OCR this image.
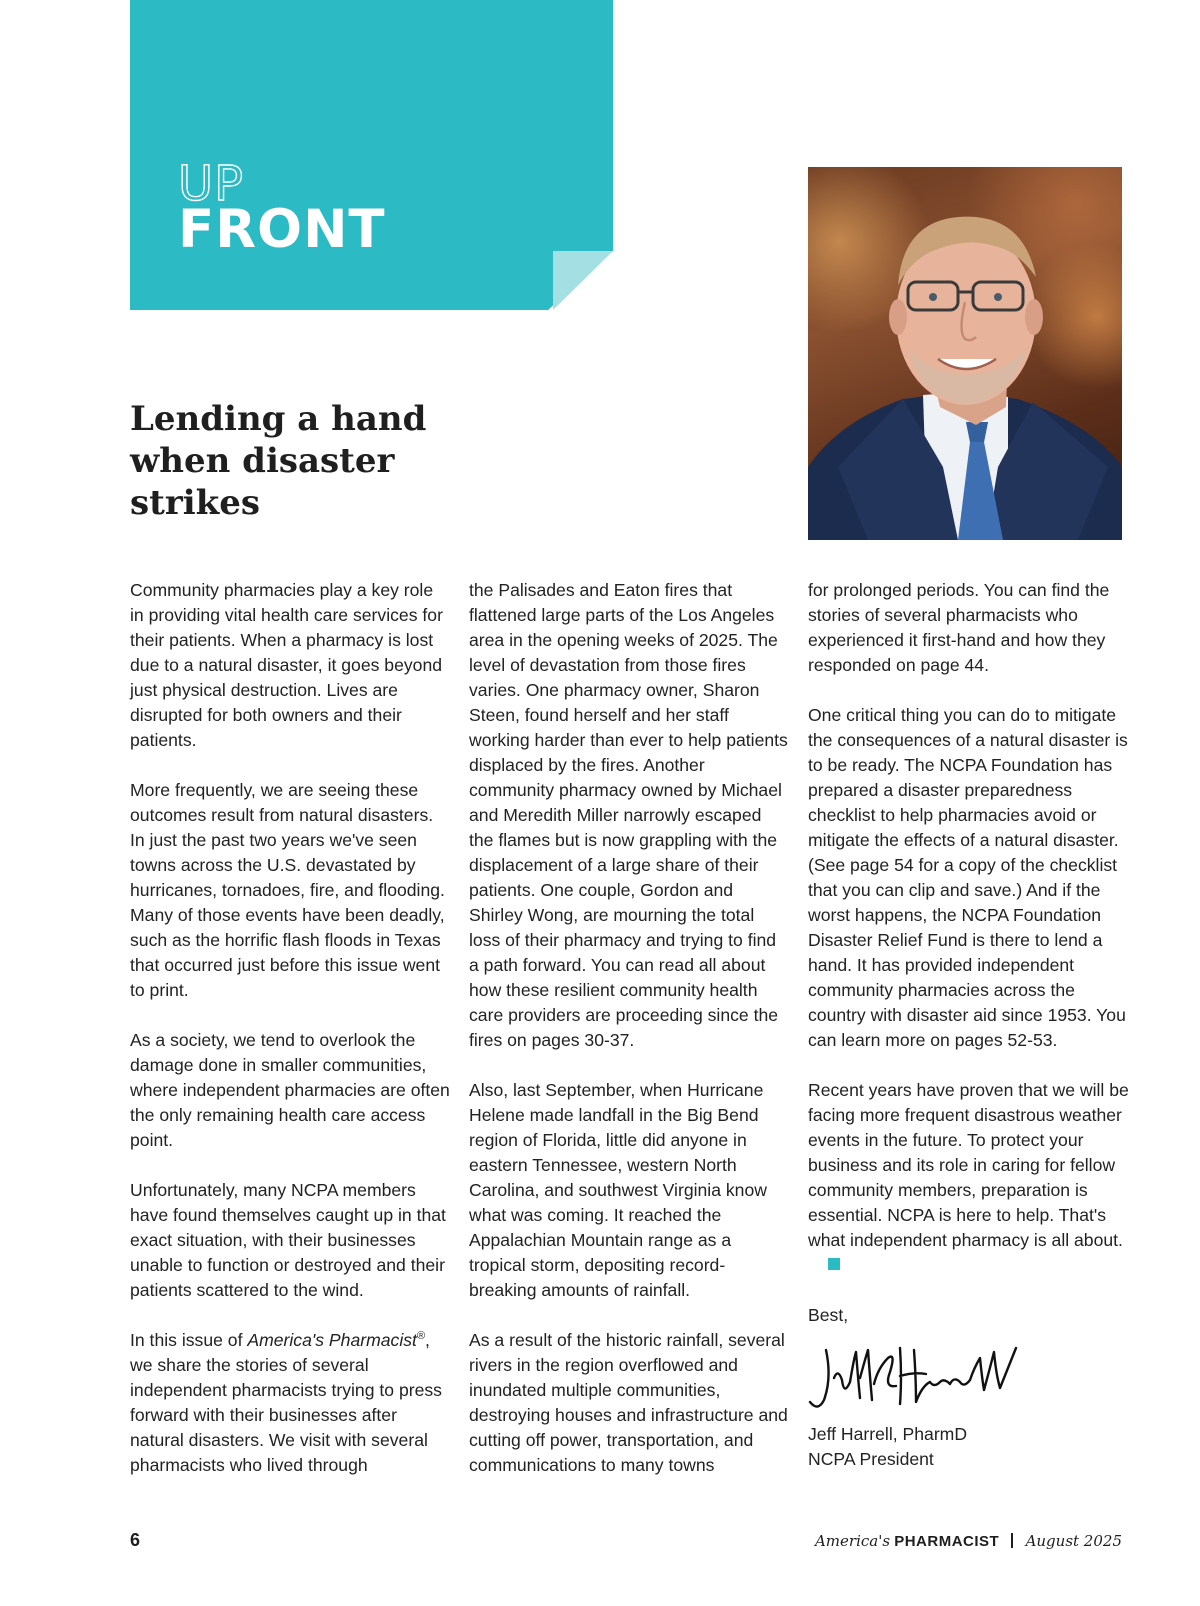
UP
FRONT
Lending a hand when disaster strikes

Community pharmacies play a key role in providing vital health care services for their patients. When a pharmacy is lost due to a natural disaster, it goes beyond just physical destruction. Lives are disrupted for both owners and their patients.

More frequently, we are seeing these outcomes result from natural disasters. In just the past two years we've seen towns across the U.S. devastated by hurricanes, tornadoes, fire, and flooding. Many of those events have been deadly, such as the horrific flash floods in Texas that occurred just before this issue went to print.

As a society, we tend to overlook the damage done in smaller communities, where independent pharmacies are often the only remaining health care access point.

Unfortunately, many NCPA members have found themselves caught up in that exact situation, with their businesses unable to function or destroyed and their patients scattered to the wind.

In this issue of America's Pharmacist®, we share the stories of several independent pharmacists trying to press forward with their businesses after natural disasters. We visit with several pharmacists who lived through

the Palisades and Eaton fires that flattened large parts of the Los Angeles area in the opening weeks of 2025. The level of devastation from those fires varies. One pharmacy owner, Sharon Steen, found herself and her staff working harder than ever to help patients displaced by the fires. Another community pharmacy owned by Michael and Meredith Miller narrowly escaped the flames but is now grappling with the displacement of a large share of their patients. One couple, Gordon and Shirley Wong, are mourning the total loss of their pharmacy and trying to find a path forward. You can read all about how these resilient community health care providers are proceeding since the fires on pages 30-37.

Also, last September, when Hurricane Helene made landfall in the Big Bend region of Florida, little did anyone in eastern Tennessee, western North Carolina, and southwest Virginia know what was coming. It reached the Appalachian Mountain range as a tropical storm, depositing record-breaking amounts of rainfall.

As a result of the historic rainfall, several rivers in the region overflowed and inundated multiple communities, destroying houses and infrastructure and cutting off power, transportation, and communications to many towns

for prolonged periods. You can find the stories of several pharmacists who experienced it first-hand and how they responded on page 44.

One critical thing you can do to mitigate the consequences of a natural disaster is to be ready. The NCPA Foundation has prepared a disaster preparedness checklist to help pharmacies avoid or mitigate the effects of a natural disaster. (See page 54 for a copy of the checklist that you can clip and save.) And if the worst happens, the NCPA Foundation Disaster Relief Fund is there to lend a hand. It has provided independent community pharmacies across the country with disaster aid since 1953. You can learn more on pages 52-53.

Recent years have proven that we will be facing more frequent disastrous weather events in the future. To protect your business and its role in caring for fellow community members, preparation is essential. NCPA is here to help. That's what independent pharmacy is all about.

Best,
Jeff Harrell, PharmD
NCPA President

6	America's PHARMACIST August 2025
